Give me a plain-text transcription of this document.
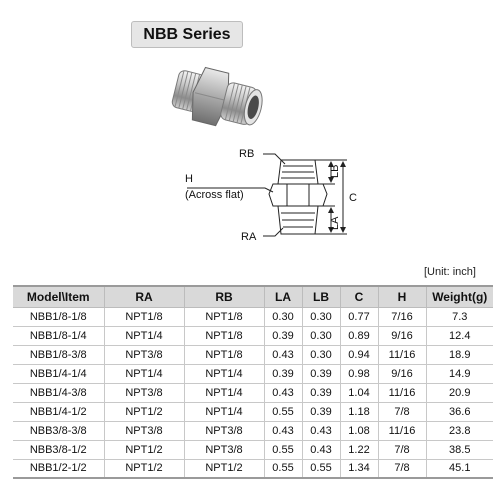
NBB Series
RB
H
(Across flat)
RA
LB
LA
C
[Unit: inch]
Model\Item	RA	RB	LA	LB	C	H	Weight(g)
NBB1/8-1/8	NPT1/8	NPT1/8	0.30	0.30	0.77	7/16	7.3
NBB1/8-1/4	NPT1/4	NPT1/8	0.39	0.30	0.89	9/16	12.4
NBB1/8-3/8	NPT3/8	NPT1/8	0.43	0.30	0.94	11/16	18.9
NBB1/4-1/4	NPT1/4	NPT1/4	0.39	0.39	0.98	9/16	14.9
NBB1/4-3/8	NPT3/8	NPT1/4	0.43	0.39	1.04	11/16	20.9
NBB1/4-1/2	NPT1/2	NPT1/4	0.55	0.39	1.18	7/8	36.6
NBB3/8-3/8	NPT3/8	NPT3/8	0.43	0.43	1.08	11/16	23.8
NBB3/8-1/2	NPT1/2	NPT3/8	0.55	0.43	1.22	7/8	38.5
NBB1/2-1/2	NPT1/2	NPT1/2	0.55	0.55	1.34	7/8	45.1
